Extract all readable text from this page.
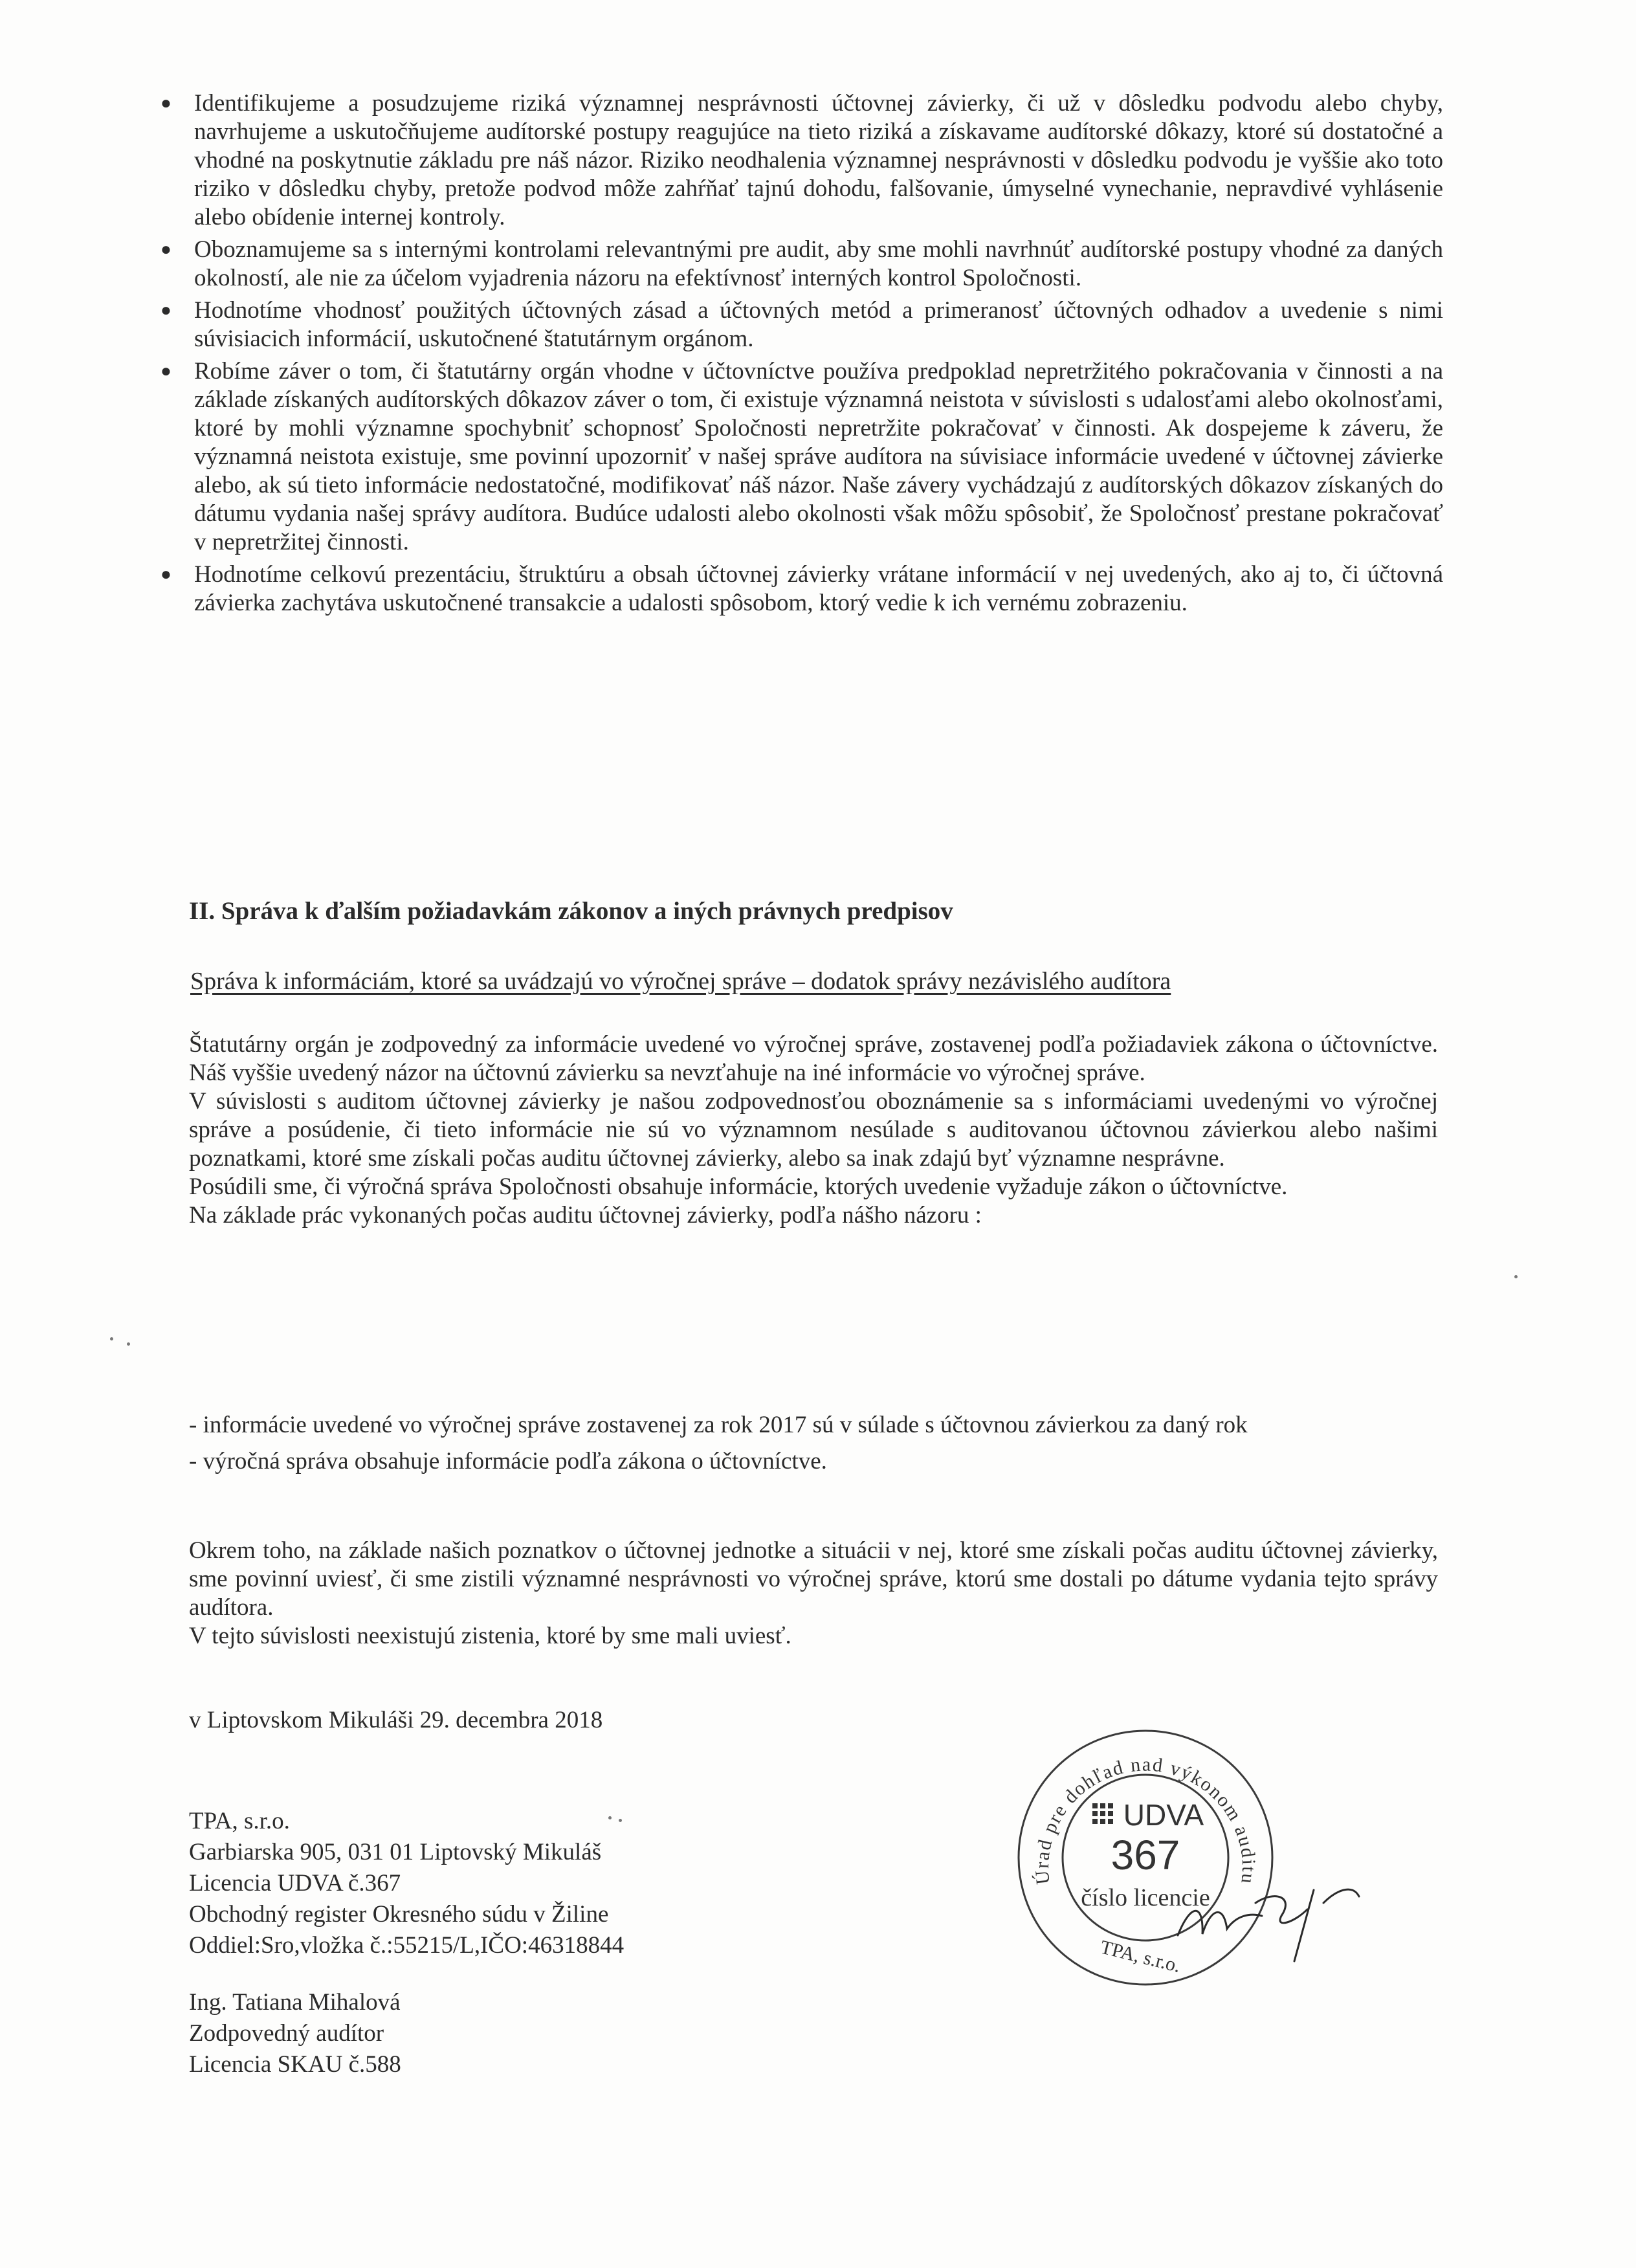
● Identifikujeme a posudzujeme riziká významnej nesprávnosti účtovnej závierky, či už v dôsledku podvodu alebo chyby, navrhujeme a uskutočňujeme audítorské postupy reagujúce na tieto riziká a získavame audítorské dôkazy, ktoré sú dostatočné a vhodné na poskytnutie základu pre náš názor. Riziko neodhalenia významnej nesprávnosti v dôsledku podvodu je vyššie ako toto riziko v dôsledku chyby, pretože podvod môže zahŕňať tajnú dohodu, falšovanie, úmyselné vynechanie, nepravdivé vyhlásenie alebo obídenie internej kontroly.
● Oboznamujeme sa s internými kontrolami relevantnými pre audit, aby sme mohli navrhnúť audítorské postupy vhodné za daných okolností, ale nie za účelom vyjadrenia názoru na efektívnosť interných kontrol Spoločnosti.
● Hodnotíme vhodnosť použitých účtovných zásad a účtovných metód a primeranosť účtovných odhadov a uvedenie s nimi súvisiacich informácií, uskutočnené štatutárnym orgánom.
● Robíme záver o tom, či štatutárny orgán vhodne v účtovníctve používa predpoklad nepretržitého pokračovania v činnosti a na základe získaných audítorských dôkazov záver o tom, či existuje významná neistota v súvislosti s udalosťami alebo okolnosťami, ktoré by mohli významne spochybniť schopnosť Spoločnosti nepretržite pokračovať v činnosti. Ak dospejeme k záveru, že významná neistota existuje, sme povinní upozorniť v našej správe audítora na súvisiace informácie uvedené v účtovnej závierke alebo, ak sú tieto informácie nedostatočné, modifikovať náš názor. Naše závery vychádzajú z audítorských dôkazov získaných do dátumu vydania našej správy audítora. Budúce udalosti alebo okolnosti však môžu spôsobiť, že Spoločnosť prestane pokračovať v nepretržitej činnosti.
● Hodnotíme celkovú prezentáciu, štruktúru a obsah účtovnej závierky vrátane informácií v nej uvedených, ako aj to, či účtovná závierka zachytáva uskutočnené transakcie a udalosti spôsobom, ktorý vedie k ich vernému zobrazeniu.
II. Správa k ďalším požiadavkám zákonov a iných právnych predpisov
Správa k informáciám, ktoré sa uvádzajú vo výročnej správe – dodatok správy nezávislého audítora

Štatutárny orgán je zodpovedný za informácie uvedené vo výročnej správe, zostavenej podľa požiadaviek zákona o účtovníctve. Náš vyššie uvedený názor na účtovnú závierku sa nevzťahuje na iné informácie vo výročnej správe.

V súvislosti s auditom účtovnej závierky je našou zodpovednosťou oboznámenie sa s informáciami uvedenými vo výročnej správe a posúdenie, či tieto informácie nie sú vo významnom nesúlade s auditovanou účtovnou závierkou alebo našimi poznatkami, ktoré sme získali počas auditu účtovnej závierky, alebo sa inak zdajú byť významne nesprávne.

Posúdili sme, či výročná správa Spoločnosti obsahuje informácie, ktorých uvedenie vyžaduje zákon o účtovníctve.

Na základe prác vykonaných počas auditu účtovnej závierky, podľa nášho názoru :

- informácie uvedené vo výročnej správe zostavenej za rok 2017 sú v súlade s účtovnou závierkou za daný rok
- výročná správa obsahuje informácie podľa zákona o účtovníctve.

Okrem toho, na základe našich poznatkov o účtovnej jednotke a situácii v nej, ktoré sme získali počas auditu účtovnej závierky, sme povinní uviesť, či sme zistili významné nesprávnosti vo výročnej správe, ktorú sme dostali po dátume vydania tejto správy audítora.

V tejto súvislosti neexistujú zistenia, ktoré by sme mali uviesť.

v Liptovskom Mikuláši 29. decembra 2018
TPA, s.r.o.
Garbiarska 905, 031 01 Liptovský Mikuláš
Licencia UDVA č.367
Obchodný register Okresného súdu v Žiline
Oddiel:Sro,vložka č.:55215/L,IČO:46318844
Ing. Tatiana Mihalová
Zodpovedný audítor
Licencia SKAU č.588
Úrad pre dohľad nad výkonom auditu
UDVA
367
číslo licencie
TPA, s.r.o.
